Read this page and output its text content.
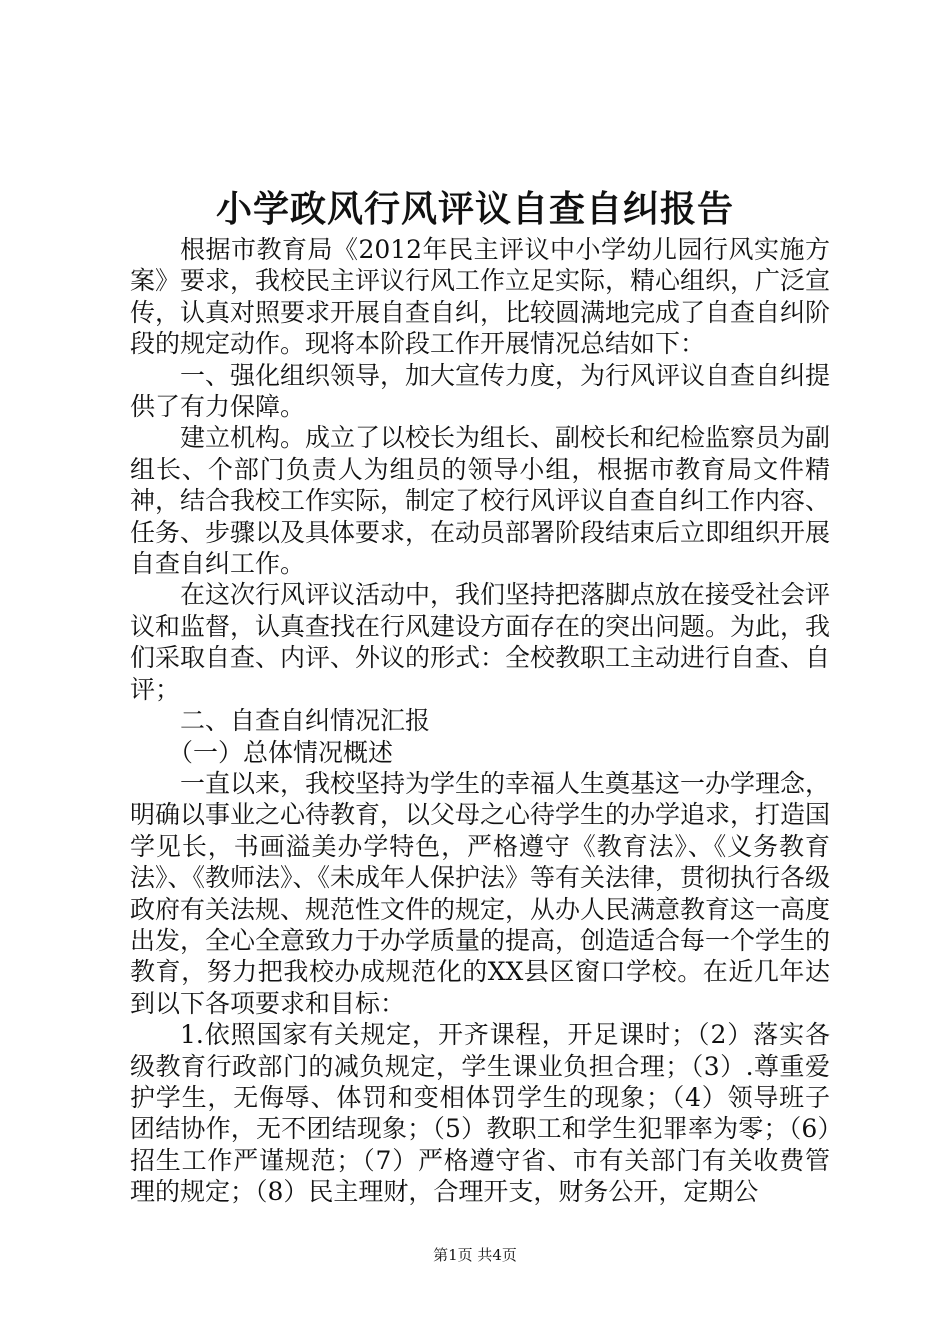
小学政风行风评议自查自纠报告

根据市教育局《2012年民主评议中小学幼儿园行风实施方案》要求，我校民主评议行风工作立足实际，精心组织，广泛宣传，认真对照要求开展自查自纠，比较圆满地完成了自查自纠阶段的规定动作。现将本阶段工作开展情况总结如下：

一、强化组织领导，加大宣传力度，为行风评议自查自纠提供了有力保障。

建立机构。成立了以校长为组长、副校长和纪检监察员为副组长、个部门负责人为组员的领导小组，根据市教育局文件精神，结合我校工作实际，制定了校行风评议自查自纠工作内容、任务、步骤以及具体要求，在动员部署阶段结束后立即组织开展自查自纠工作。

在这次行风评议活动中，我们坚持把落脚点放在接受社会评议和监督，认真查找在行风建设方面存在的突出问题。为此，我们采取自查、内评、外议的形式：全校教职工主动进行自查、自评；

二、自查自纠情况汇报

（一）总体情况概述

一直以来，我校坚持为学生的幸福人生奠基这一办学理念，明确以事业之心待教育，以父母之心待学生的办学追求，打造国学见长，书画溢美办学特色，严格遵守《教育法》、《义务教育法》、《教师法》、《未成年人保护法》等有关法律，贯彻执行各级政府有关法规、规范性文件的规定，从办人民满意教育这一高度出发，全心全意致力于办学质量的提高，创造适合每一个学生的教育，努力把我校办成规范化的XX县区窗口学校。在近几年达到以下各项要求和目标：

1.依照国家有关规定，开齐课程，开足课时；（2）落实各级教育行政部门的减负规定，学生课业负担合理；（3）.尊重爱护学生，无侮辱、体罚和变相体罚学生的现象；（4）领导班子团结协作，无不团结现象；（5）教职工和学生犯罪率为零；（6）招生工作严谨规范；（7）严格遵守省、市有关部门有关收费管理的规定；（8）民主理财，合理开支，财务公开，定期公

第1页 共4页
